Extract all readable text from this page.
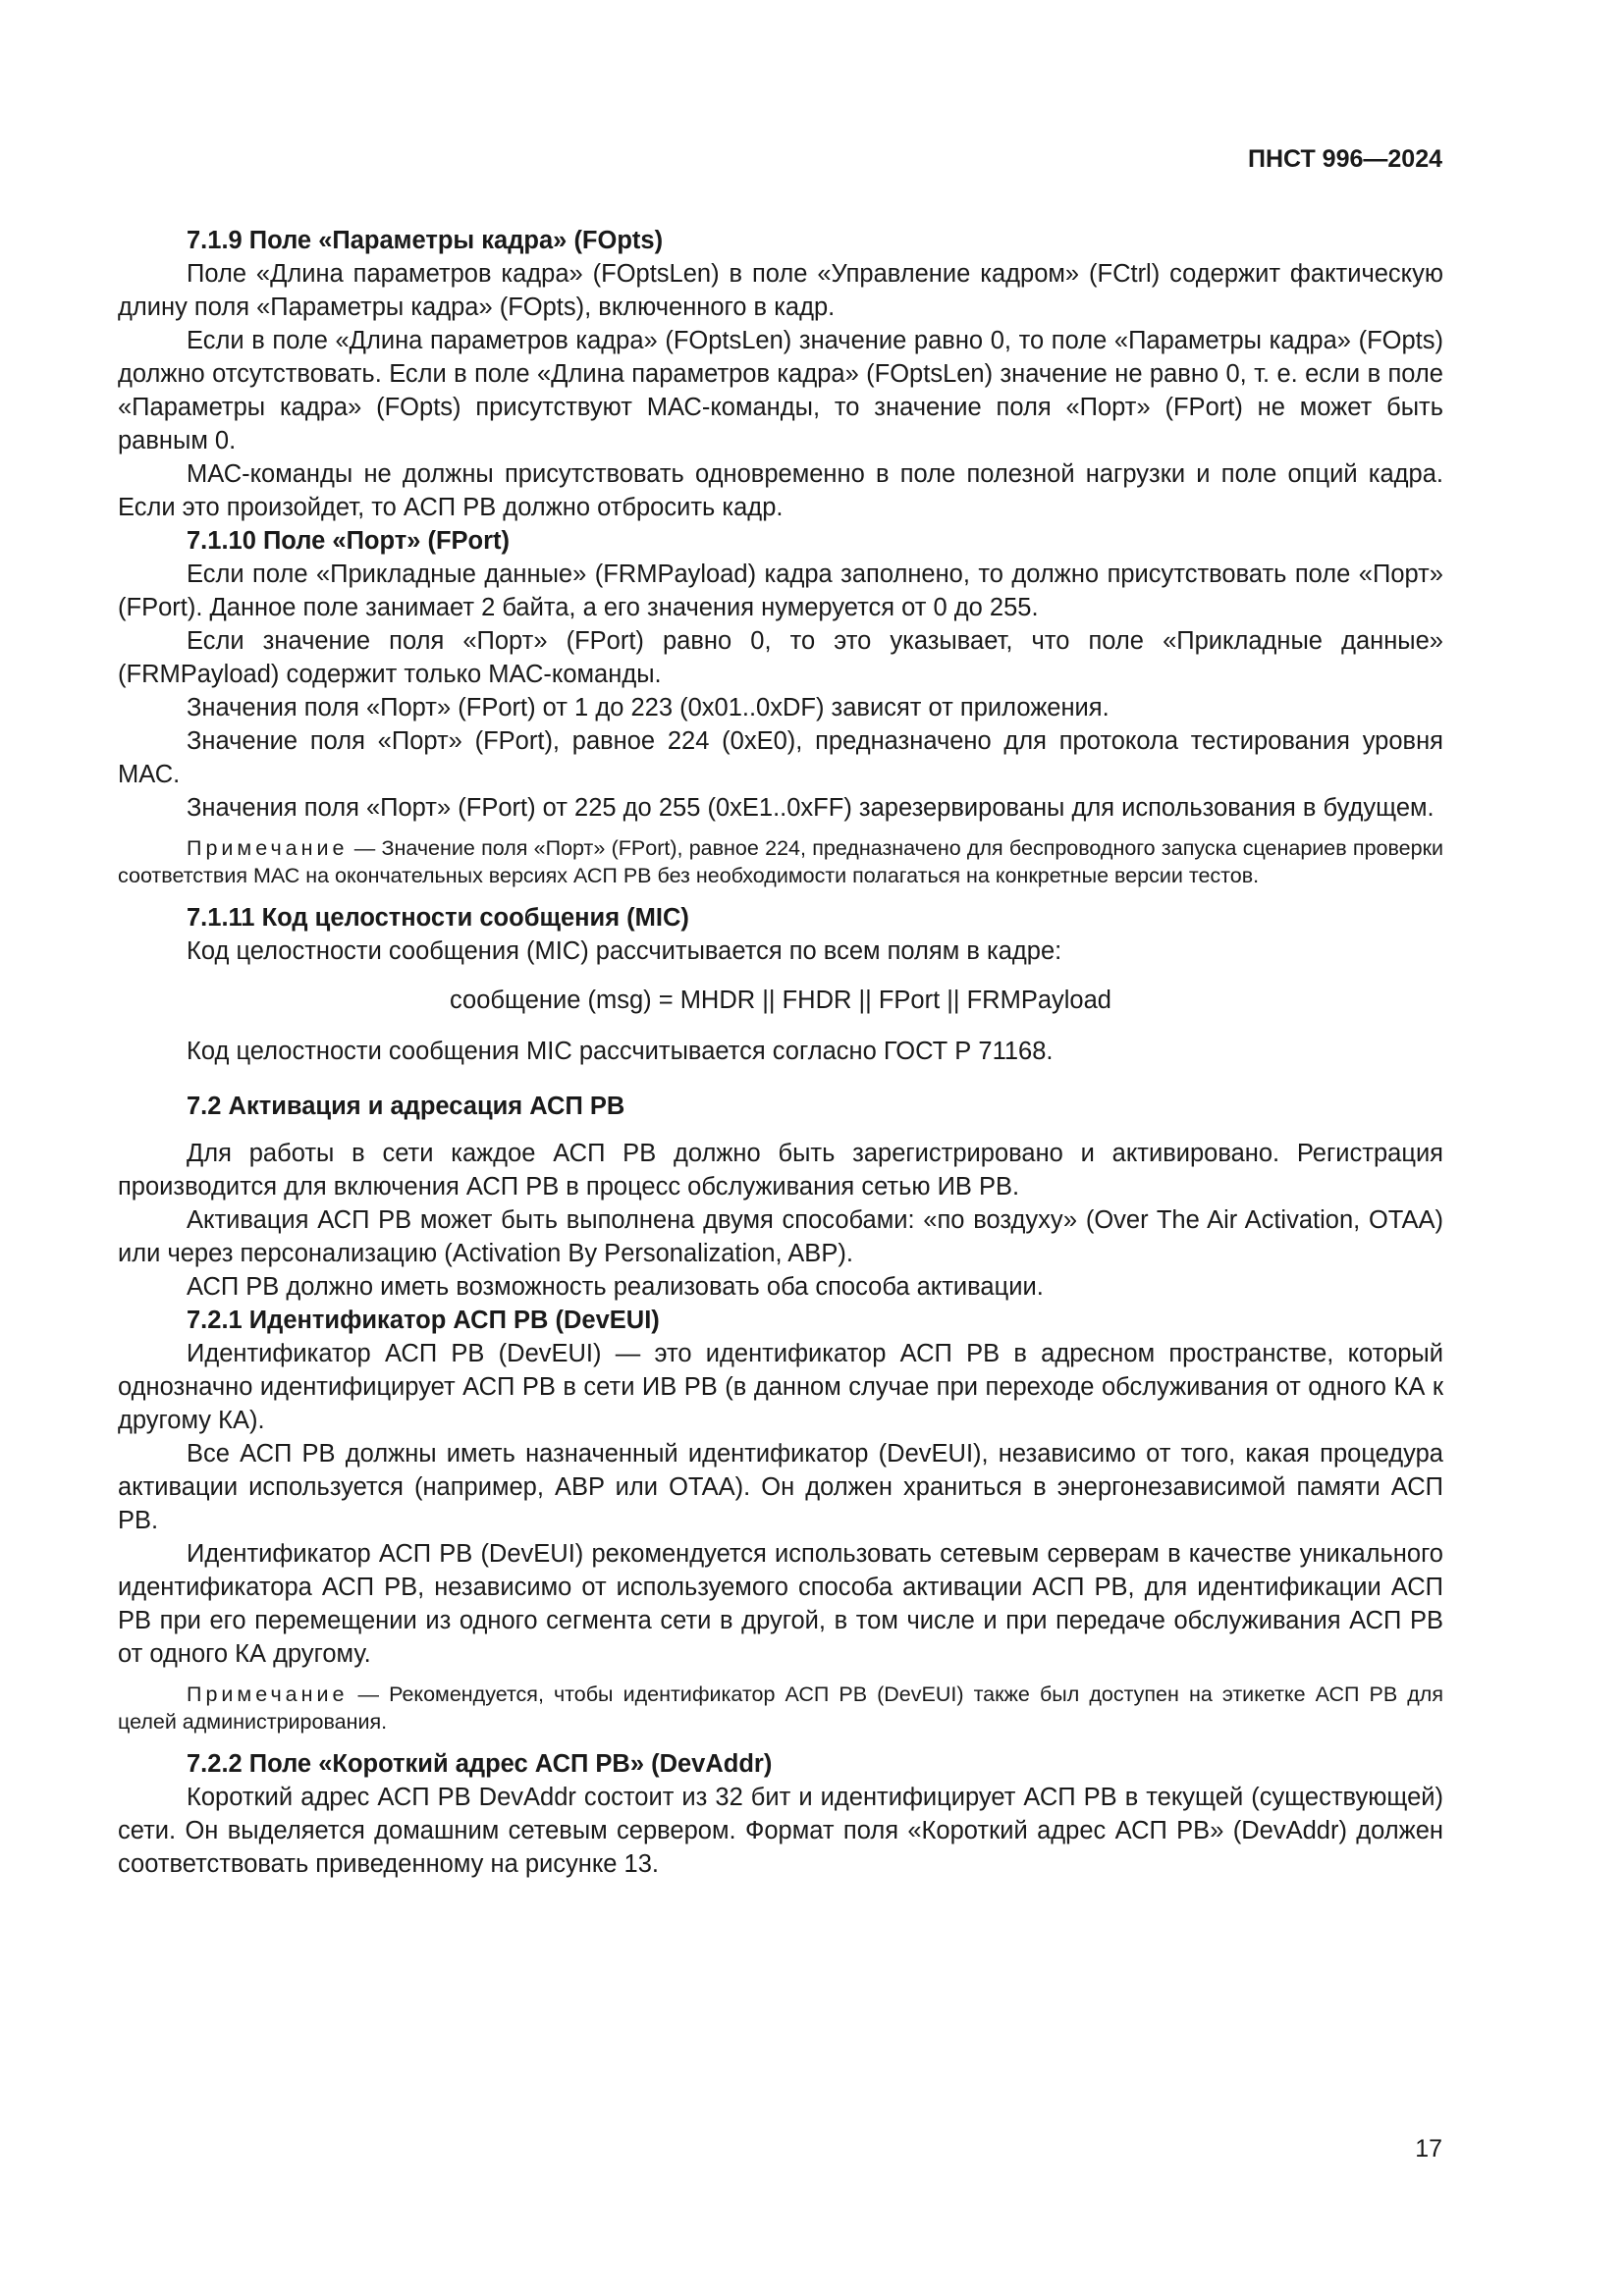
ПНСТ 996—2024

7.1.9 Поле «Параметры кадра» (FOpts)

Поле «Длина параметров кадра» (FOptsLen) в поле «Управление кадром» (FCtrl) содержит фактическую длину поля «Параметры кадра» (FOpts), включенного в кадр.

Если в поле «Длина параметров кадра» (FOptsLen) значение равно 0, то поле «Параметры кадра» (FOpts) должно отсутствовать. Если в поле «Длина параметров кадра» (FOptsLen) значение не равно 0, т. е. если в поле «Параметры кадра» (FOpts) присутствуют МАС-команды, то значение поля «Порт» (FPort) не может быть равным 0.

МАС-команды не должны присутствовать одновременно в поле полезной нагрузки и поле опций кадра. Если это произойдет, то АСП РВ должно отбросить кадр.

7.1.10 Поле «Порт» (FPort)

Если поле «Прикладные данные» (FRMPayload) кадра заполнено, то должно присутствовать поле «Порт» (FPort). Данное поле занимает 2 байта, а его значения нумеруется от 0 до 255.

Если значение поля «Порт» (FPort) равно 0, то это указывает, что поле «Прикладные данные» (FRMPayload) содержит только МАС-команды.

Значения поля «Порт» (FPort) от 1 до 223 (0x01..0xDF) зависят от приложения.

Значение поля «Порт» (FPort), равное 224 (0xE0), предназначено для протокола тестирования уровня МАС.

Значения поля «Порт» (FPort) от 225 до 255 (0xE1..0xFF) зарезервированы для использования в будущем.

Примечание — Значение поля «Порт» (FPort), равное 224, предназначено для беспроводного запуска сценариев проверки соответствия МАС на окончательных версиях АСП РВ без необходимости полагаться на конкретные версии тестов.

7.1.11 Код целостности сообщения (MIC)

Код целостности сообщения (MIC) рассчитывается по всем полям в кадре:

сообщение (msg) = MHDR || FHDR || FPort || FRMPayload

Код целостности сообщения MIC рассчитывается согласно ГОСТ Р 71168.

7.2 Активация и адресация АСП РВ

Для работы в сети каждое АСП РВ должно быть зарегистрировано и активировано. Регистрация производится для включения АСП РВ в процесс обслуживания сетью ИВ РВ.

Активация АСП РВ может быть выполнена двумя способами: «по воздуху» (Over The Air Activation, OTAA) или через персонализацию (Activation By Personalization, ABP).

АСП РВ должно иметь возможность реализовать оба способа активации.

7.2.1 Идентификатор АСП РВ (DevEUI)

Идентификатор АСП РВ (DevEUI) — это идентификатор АСП РВ в адресном пространстве, который однозначно идентифицирует АСП РВ в сети ИВ РВ (в данном случае при переходе обслуживания от одного КА к другому КА).

Все АСП РВ должны иметь назначенный идентификатор (DevEUI), независимо от того, какая процедура активации используется (например, ABP или OTAA). Он должен храниться в энергонезависимой памяти АСП РВ.

Идентификатор АСП РВ (DevEUI) рекомендуется использовать сетевым серверам в качестве уникального идентификатора АСП РВ, независимо от используемого способа активации АСП РВ, для идентификации АСП РВ при его перемещении из одного сегмента сети в другой, в том числе и при передаче обслуживания АСП РВ от одного КА другому.

Примечание — Рекомендуется, чтобы идентификатор АСП РВ (DevEUI) также был доступен на этикетке АСП РВ для целей администрирования.

7.2.2 Поле «Короткий адрес АСП РВ» (DevAddr)

Короткий адрес АСП РВ DevAddr состоит из 32 бит и идентифицирует АСП РВ в текущей (существующей) сети. Он выделяется домашним сетевым сервером. Формат поля «Короткий адрес АСП РВ» (DevAddr) должен соответствовать приведенному на рисунке 13.

17
